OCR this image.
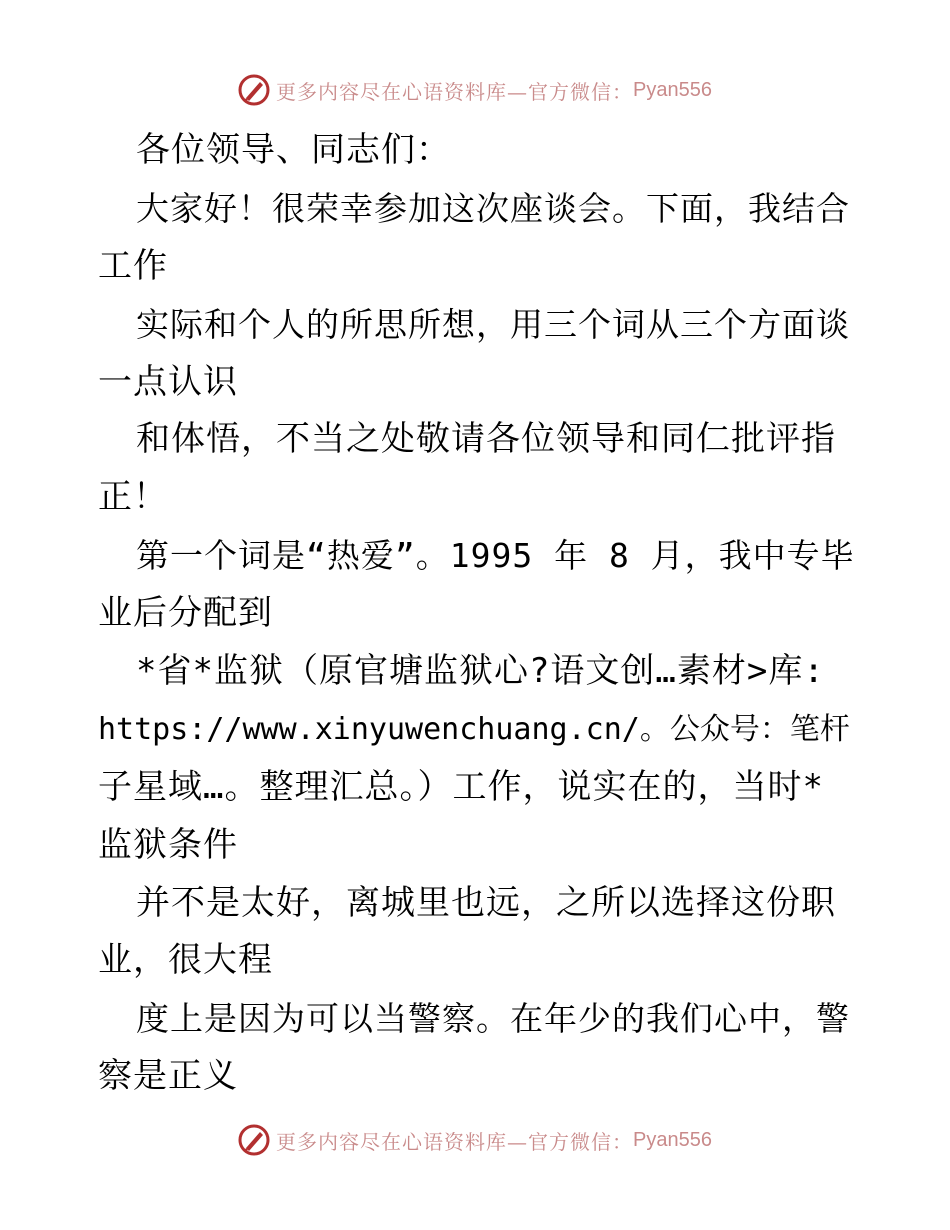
更多内容尽在心语资料库—官方微信： Pyan556
各位领导、同志们：
大家好！很荣幸参加这次座谈会。下面，我结合
工作
实际和个人的所思所想，用三个词从三个方面谈
一点认识
和体悟，不当之处敬请各位领导和同仁批评指
正！
第一个词是“热爱”。1995 年 8 月，我中专毕
业后分配到
*省*监狱（原官塘监狱心?语文创…素材>库:
https://www.xinyuwenchuang.cn/。公众号：笔杆
子星域…。整理汇总。）工作，说实在的，当时*
监狱条件
并不是太好，离城里也远，之所以选择这份职
业，很大程
度上是因为可以当警察。在年少的我们心中，警
察是正义
更多内容尽在心语资料库—官方微信： Pyan556
